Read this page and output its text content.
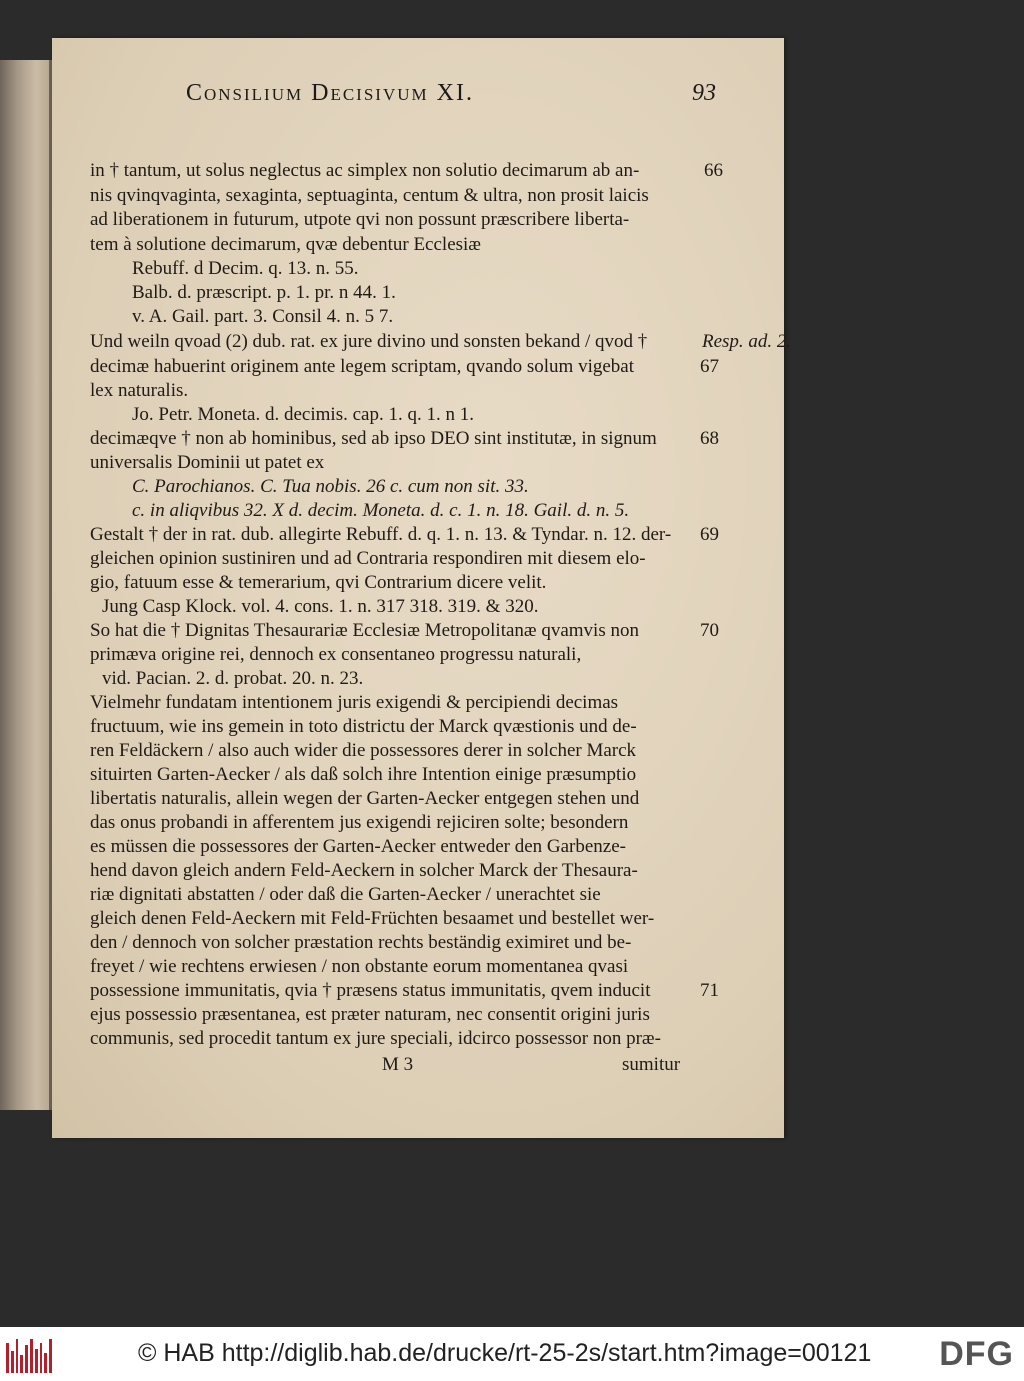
Consilium Decisivum XI.	93
in † tantum, ut solus neglectus ac simplex non solutio decimarum ab an-	66
nis qvinqvaginta, sexaginta, septuaginta, centum & ultra, non prosit laicis
ad liberationem in futurum, utpote qvi non possunt præscribere liberta-
tem à solutione decimarum, qvæ debentur Ecclesiæ
Rebuff. d Decim. q. 13. n. 55.
Balb. d. præscript. p. 1. pr. n 44. 1.
v. A. Gail. part. 3. Consil 4. n. 5 7.
Und weiln qvoad (2) dub. rat. ex jure divino und sonsten bekand / qvod †	Resp. ad. 2.
decimæ habuerint originem ante legem scriptam, qvando solum vigebat	67
lex naturalis.
Jo. Petr. Moneta. d. decimis. cap. 1. q. 1. n 1.
decimæqve † non ab hominibus, sed ab ipso DEO sint institutæ, in signum 68
universalis Dominii ut patet ex
C. Parochianos. C. Tua nobis. 26 c. cum non sit. 33.
c. in aliqvibus 32. X d. decim. Moneta. d. c. 1. n. 18. Gail. d. n. 5.
Gestalt † der in rat. dub. allegirte Rebuff. d. q. 1. n. 13. & Tyndar. n. 12. der- 69
gleichen opinion sustiniren und ad Contraria respondiren mit diesem elo-
gio, fatuum esse & temerarium, qvi Contrarium dicere velit.
Jung Casp Klock. vol. 4. cons. 1. n. 317 318. 319. & 320.
So hat die † Dignitas Thesaurariæ Ecclesiæ Metropolitanæ qvamvis non	70
primæva origine rei, dennoch ex consentaneo progressu naturali,
vid. Pacian. 2. d. probat. 20. n. 23.
Vielmehr fundatam intentionem juris exigendi & percipiendi decimas
fructuum, wie ins gemein in toto districtu der Marck qvæstionis und de-
ren Feldäckern / also auch wider die possessores derer in solcher Marck
situirten Garten-Aecker / als daß solch ihre Intention einige præsumptio
libertatis naturalis, allein wegen der Garten-Aecker entgegen stehen und
das onus probandi in afferentem jus exigendi rejiciren solte; besondern
es müssen die possessores der Garten-Aecker entweder den Garbenze-
hend davon gleich andern Feld-Aeckern in solcher Marck der Thesaura-
riæ dignitati abstatten / oder daß die Garten-Aecker / unerachtet sie
gleich denen Feld-Aeckern mit Feld-Früchten besaamet und bestellet wer-
den / dennoch von solcher præstation rechts beständig eximiret und be-
freyet / wie rechtens erwiesen / non obstante eorum momentanea qvasi
possessione immunitatis, qvia † præsens status immunitatis, qvem inducit	71
ejus possessio præsentanea, est præter naturam, nec consentit origini juris
communis, sed procedit tantum ex jure speciali, idcirco possessor non præ-
M 3	sumitur
© HAB http://diglib.hab.de/drucke/rt-25-2s/start.htm?image=00121 DFG
